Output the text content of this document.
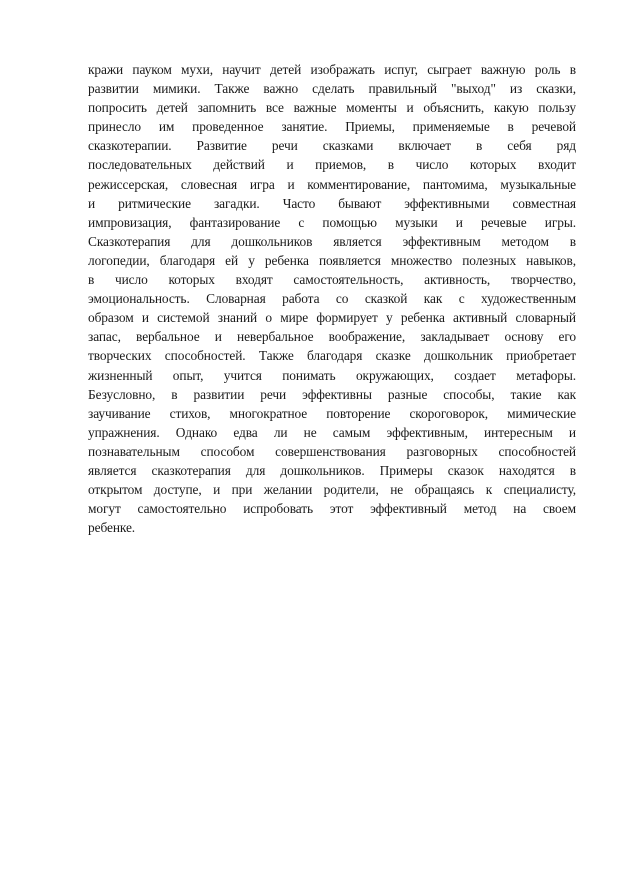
кражи пауком мухи, научит детей изображать испуг, сыграет важную роль в
развитии мимики. Также важно сделать правильный "выход" из сказки,
попросить детей запомнить все важные моменты и объяснить, какую пользу
принесло им проведенное занятие. Приемы, применяемые в речевой
сказкотерапии. Развитие речи сказками включает в себя ряд
последовательных действий и приемов, в число которых входит
режиссерская, словесная игра и комментирование, пантомима, музыкальные
и ритмические загадки. Часто бывают эффективными совместная
импровизация, фантазирование с помощью музыки и речевые игры.
Сказкотерапия для дошкольников является эффективным методом в
логопедии, благодаря ей у ребенка появляется множество полезных навыков,
в число которых входят самостоятельность, активность, творчество,
эмоциональность. Словарная работа со сказкой как с художественным
образом и системой знаний о мире формирует у ребенка активный словарный
запас, вербальное и невербальное воображение, закладывает основу его
творческих способностей. Также благодаря сказке дошкольник приобретает
жизненный опыт, учится понимать окружающих, создает метафоры.
Безусловно, в развитии речи эффективны разные способы, такие как
заучивание стихов, многократное повторение скороговорок, мимические
упражнения. Однако едва ли не самым эффективным, интересным и
познавательным способом совершенствования разговорных способностей
является сказкотерапия для дошкольников. Примеры сказок находятся в
открытом доступе, и при желании родители, не обращаясь к специалисту,
могут самостоятельно испробовать этот эффективный метод на своем
ребенке.
